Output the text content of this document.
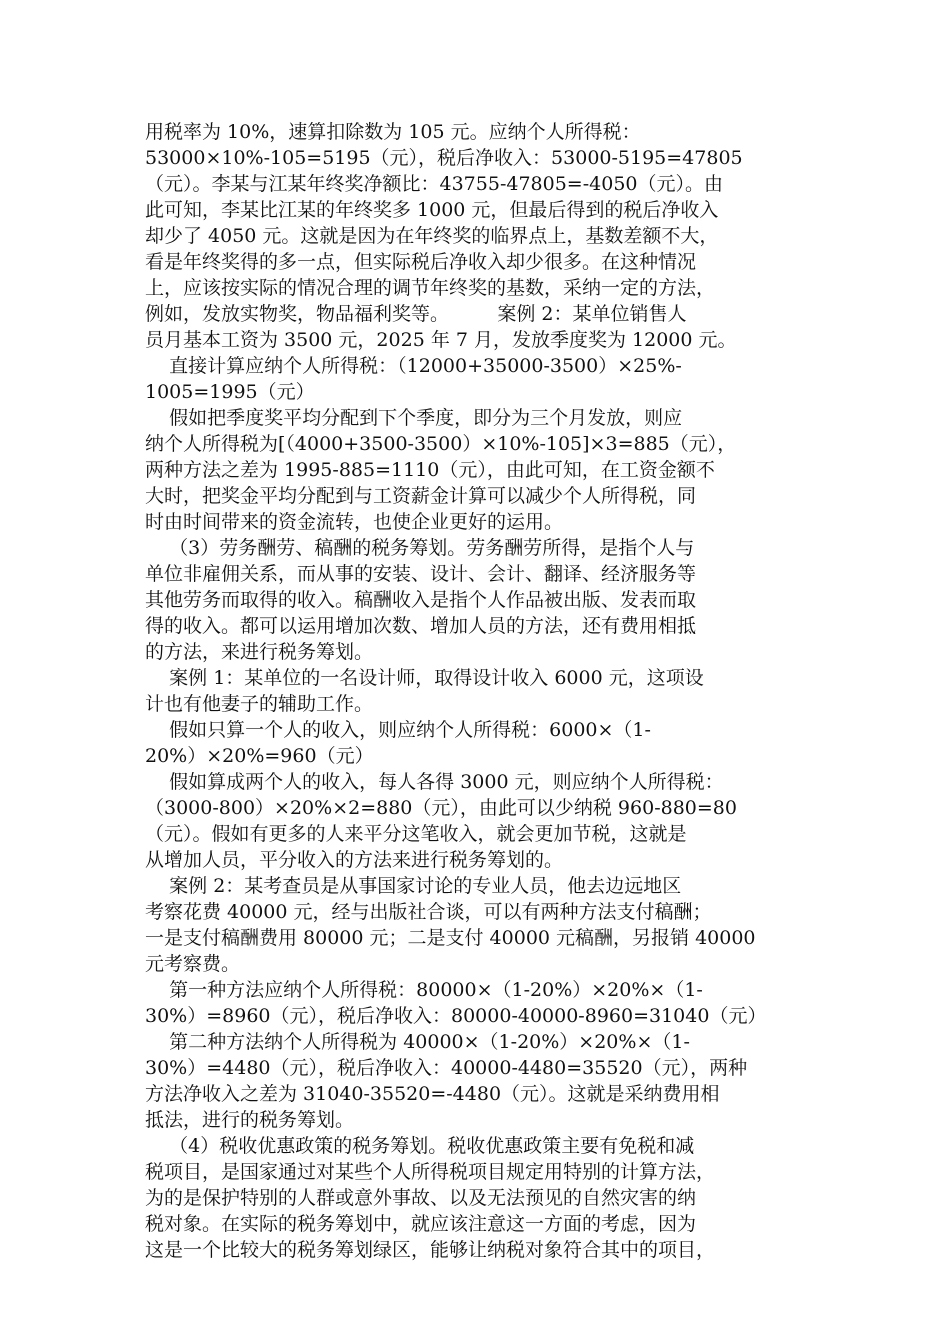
用税率为 10%，速算扣除数为 105 元。应纳个人所得税：

53000×10%-105=5195（元），税后净收入：53000-5195=47805

（元）。李某与江某年终奖净额比：43755-47805=-4050（元）。由

此可知，李某比江某的年终奖多 1000 元，但最后得到的税后净收入

却少了 4050 元。这就是因为在年终奖的临界点上，基数差额不大，

看是年终奖得的多一点，但实际税后净收入却少很多。在这种情况

上，应该按实际的情况合理的调节年终奖的基数，采纳一定的方法，

例如，发放实物奖，物品福利奖等。        案例 2：某单位销售人

员月基本工资为 3500 元，2025 年 7 月，发放季度奖为 12000 元。

直接计算应纳个人所得税：（12000+35000-3500）×25%-

1005=1995（元）

假如把季度奖平均分配到下个季度，即分为三个月发放，则应

纳个人所得税为[（4000+3500-3500）×10%-105]×3=885（元），

两种方法之差为 1995-885=1110（元），由此可知，在工资金额不

大时，把奖金平均分配到与工资薪金计算可以减少个人所得税，同

时由时间带来的资金流转，也使企业更好的运用。

（3）劳务酬劳、稿酬的税务筹划。劳务酬劳所得，是指个人与

单位非雇佣关系，而从事的安装、设计、会计、翻译、经济服务等

其他劳务而取得的收入。稿酬收入是指个人作品被出版、发表而取

得的收入。都可以运用增加次数、增加人员的方法，还有费用相抵

的方法，来进行税务筹划。

案例 1：某单位的一名设计师，取得设计收入 6000 元，这项设

计也有他妻子的辅助工作。

假如只算一个人的收入，则应纳个人所得税：6000×（1-

20%）×20%=960（元）

假如算成两个人的收入，每人各得 3000 元，则应纳个人所得税：

（3000-800）×20%×2=880（元），由此可以少纳税 960-880=80

（元）。假如有更多的人来平分这笔收入，就会更加节税，这就是

从增加人员，平分收入的方法来进行税务筹划的。

案例 2：某考查员是从事国家讨论的专业人员，他去边远地区

考察花费 40000 元，经与出版社合谈，可以有两种方法支付稿酬；

一是支付稿酬费用 80000 元；二是支付 40000 元稿酬，另报销 40000

元考察费。

第一种方法应纳个人所得税：80000×（1-20%）×20%×（1-

30%）=8960（元），税后净收入：80000-40000-8960=31040（元）

第二种方法纳个人所得税为 40000×（1-20%）×20%×（1-

30%）=4480（元），税后净收入：40000-4480=35520（元），两种

方法净收入之差为 31040-35520=-4480（元）。这就是采纳费用相

抵法，进行的税务筹划。

（4）税收优惠政策的税务筹划。税收优惠政策主要有免税和减

税项目，是国家通过对某些个人所得税项目规定用特别的计算方法，

为的是保护特别的人群或意外事故、以及无法预见的自然灾害的纳

税对象。在实际的税务筹划中，就应该注意这一方面的考虑，因为

这是一个比较大的税务筹划绿区，能够让纳税对象符合其中的项目，
